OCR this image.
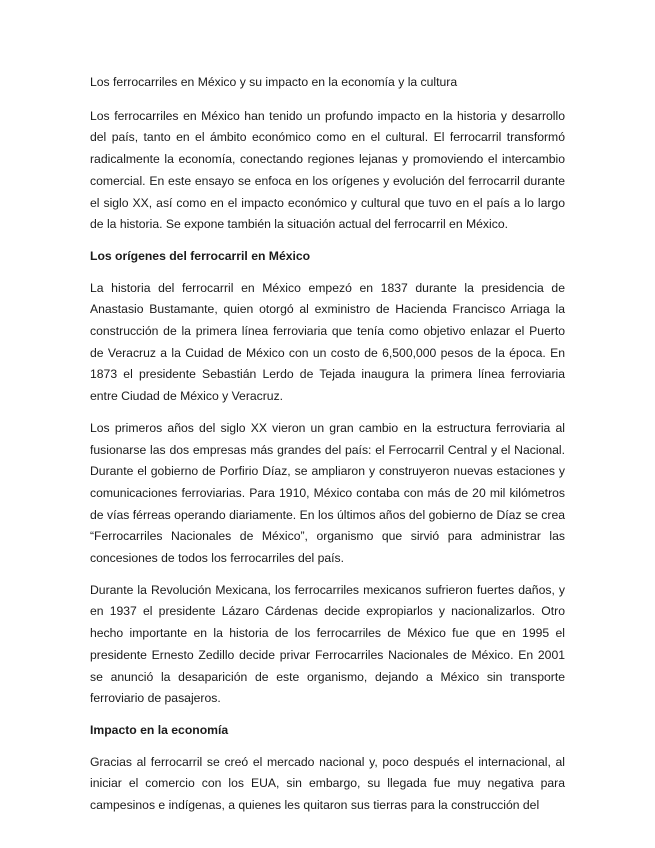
Los ferrocarriles en México y su impacto en la economía y la cultura

Los ferrocarriles en México han tenido un profundo impacto en la historia y desarrollo del país, tanto en el ámbito económico como en el cultural. El ferrocarril transformó radicalmente la economía, conectando regiones lejanas y promoviendo el intercambio comercial. En este ensayo se enfoca en los orígenes y evolución del ferrocarril durante el siglo XX, así como en el impacto económico y cultural que tuvo en el país a lo largo de la historia. Se expone también la situación actual del ferrocarril en México.

Los orígenes del ferrocarril en México

La historia del ferrocarril en México empezó en 1837 durante la presidencia de Anastasio Bustamante, quien otorgó al exministro de Hacienda Francisco Arriaga la construcción de la primera línea ferroviaria que tenía como objetivo enlazar el Puerto de Veracruz a la Cuidad de México con un costo de 6,500,000 pesos de la época. En 1873 el presidente Sebastián Lerdo de Tejada inaugura la primera línea ferroviaria entre Ciudad de México y Veracruz.

Los primeros años del siglo XX vieron un gran cambio en la estructura ferroviaria al fusionarse las dos empresas más grandes del país: el Ferrocarril Central y el Nacional. Durante el gobierno de Porfirio Díaz, se ampliaron y construyeron nuevas estaciones y comunicaciones ferroviarias. Para 1910, México contaba con más de 20 mil kilómetros de vías férreas operando diariamente. En los últimos años del gobierno de Díaz se crea “Ferrocarriles Nacionales de México”, organismo que sirvió para administrar las concesiones de todos los ferrocarriles del país.

Durante la Revolución Mexicana, los ferrocarriles mexicanos sufrieron fuertes daños, y en 1937 el presidente Lázaro Cárdenas decide expropiarlos y nacionalizarlos. Otro hecho importante en la historia de los ferrocarriles de México fue que en 1995 el presidente Ernesto Zedillo decide privar Ferrocarriles Nacionales de México. En 2001 se anunció la desaparición de este organismo, dejando a México sin transporte ferroviario de pasajeros.

Impacto en la economía

Gracias al ferrocarril se creó el mercado nacional y, poco después el internacional, al iniciar el comercio con los EUA, sin embargo, su llegada fue muy negativa para campesinos e indígenas, a quienes les quitaron sus tierras para la construcción del
